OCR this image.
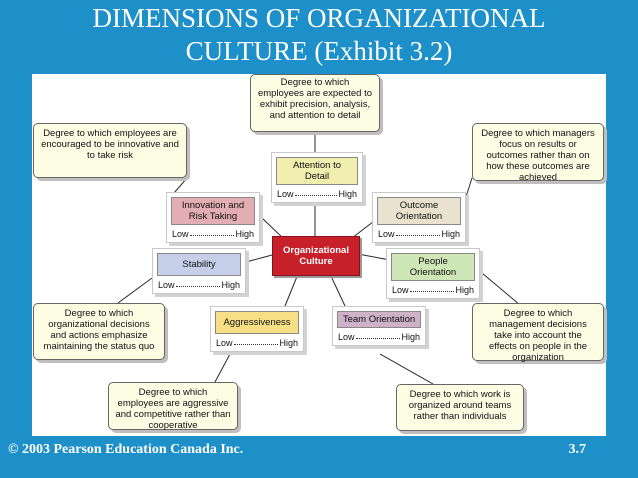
DIMENSIONS OF ORGANIZATIONAL
CULTURE (Exhibit 3.2)
Degree to which employees are expected to exhibit precision, analysis, and attention to detail
Degree to which employees are encouraged to be innovative and to take risk
Degree to which managers focus on results or outcomes rather than on how these outcomes are achieved
Degree to which organizational decisions and actions emphasize maintaining the status quo
Degree to which management decisions take into account the effects on people in the organization
Degree to which employees are aggressive and competitive rather than cooperative
Degree to which work is organized around teams rather than individuals
Attention to Detail
Low	High
Outcome Orientation
Low	High
Innovation and Risk Taking
Low	High
Stability
Low	High
People Orientation
Low	High
Aggressiveness
Low	High
Team Orientation
Low	High
Organizational Culture
© 2003 Pearson Education Canada Inc.	3.7
